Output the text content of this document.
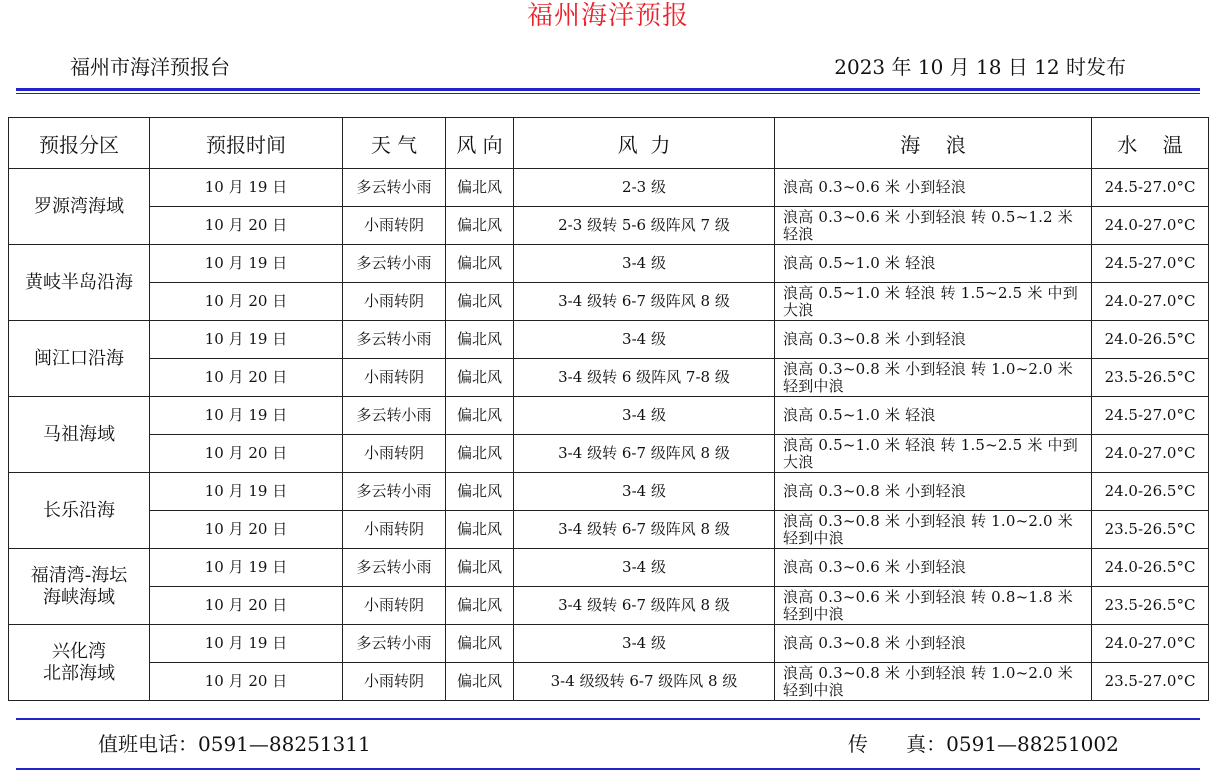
福州海洋预报
福州市海洋预报台	2023 年 10 月 18 日 12 时发布
预报分区	预报时间	天 气	风 向	风  力	海    浪	水    温
罗源湾海域	10 月 19 日	多云转小雨	偏北风	2-3 级	浪高 0.3~0.6 米 小到轻浪	24.5-27.0°C
	10 月 20 日	小雨转阴	偏北风	2-3 级转 5-6 级阵风 7 级	浪高 0.3~0.6 米 小到轻浪 转 0.5~1.2 米 轻浪	24.0-27.0°C
黄岐半岛沿海	10 月 19 日	多云转小雨	偏北风	3-4 级	浪高 0.5~1.0 米 轻浪	24.5-27.0°C
	10 月 20 日	小雨转阴	偏北风	3-4 级转 6-7 级阵风 8 级	浪高 0.5~1.0 米 轻浪 转 1.5~2.5 米 中到大浪	24.0-27.0°C
闽江口沿海	10 月 19 日	多云转小雨	偏北风	3-4 级	浪高 0.3~0.8 米 小到轻浪	24.0-26.5°C
	10 月 20 日	小雨转阴	偏北风	3-4 级转 6 级阵风 7-8 级	浪高 0.3~0.8 米 小到轻浪 转 1.0~2.0 米 轻到中浪	23.5-26.5°C
马祖海域	10 月 19 日	多云转小雨	偏北风	3-4 级	浪高 0.5~1.0 米 轻浪	24.5-27.0°C
	10 月 20 日	小雨转阴	偏北风	3-4 级转 6-7 级阵风 8 级	浪高 0.5~1.0 米 轻浪 转 1.5~2.5 米 中到大浪	24.0-27.0°C
长乐沿海	10 月 19 日	多云转小雨	偏北风	3-4 级	浪高 0.3~0.8 米 小到轻浪	24.0-26.5°C
	10 月 20 日	小雨转阴	偏北风	3-4 级转 6-7 级阵风 8 级	浪高 0.3~0.8 米 小到轻浪 转 1.0~2.0 米 轻到中浪	23.5-26.5°C
福清湾-海坛
海峡海域	10 月 19 日	多云转小雨	偏北风	3-4 级	浪高 0.3~0.6 米 小到轻浪	24.0-26.5°C
	10 月 20 日	小雨转阴	偏北风	3-4 级转 6-7 级阵风 8 级	浪高 0.3~0.6 米 小到轻浪 转 0.8~1.8 米 轻到中浪	23.5-26.5°C
兴化湾
北部海域	10 月 19 日	多云转小雨	偏北风	3-4 级	浪高 0.3~0.8 米 小到轻浪	24.0-27.0°C
	10 月 20 日	小雨转阴	偏北风	3-4 级级转 6-7 级阵风 8 级	浪高 0.3~0.8 米 小到轻浪 转 1.0~2.0 米 轻到中浪	23.5-27.0°C
值班电话：0591—88251311	传      真：0591—88251002
